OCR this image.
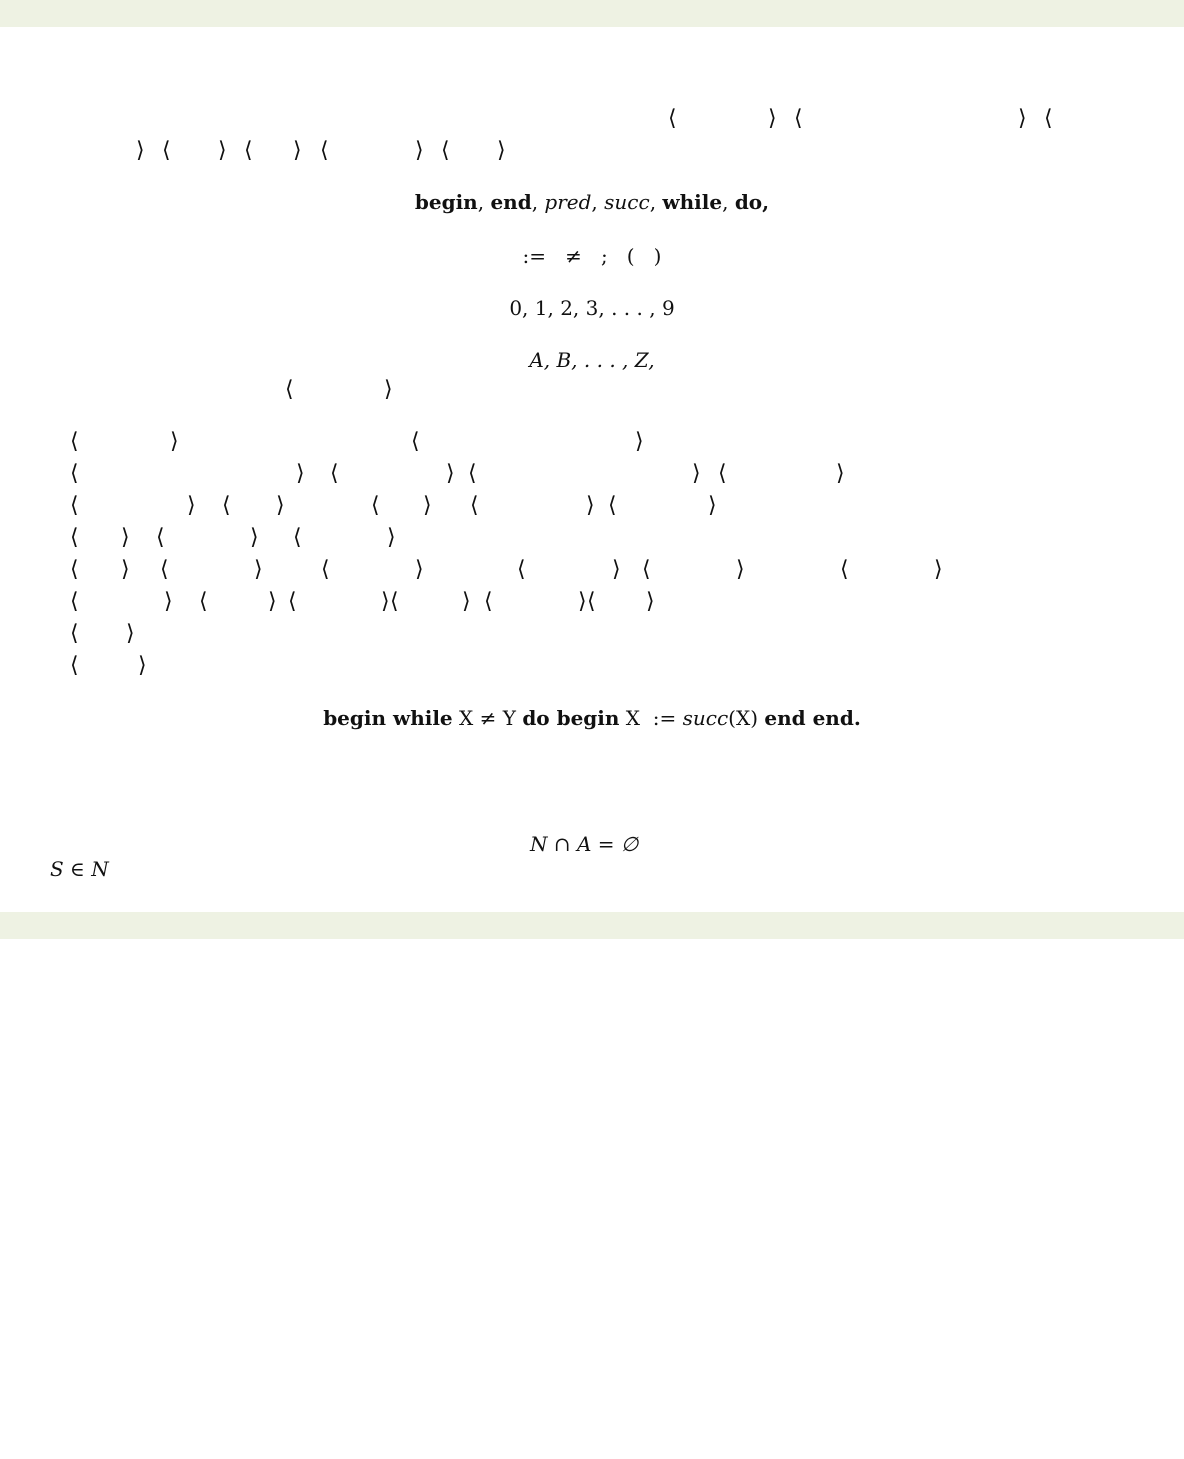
⟨	⟩ ⟨	⟩ ⟨
⟩ ⟨ ⟩ ⟨ ⟩ ⟨	⟩ ⟨ ⟩
⟨	⟩
⟨	⟩	⟨	⟩
⟨	⟩ ⟨	⟩ ⟨	⟩ ⟨	⟩
⟨	⟩ ⟨ ⟩	⟨ ⟩ ⟨	⟩ ⟨	⟩
⟨ ⟩ ⟨	⟩ ⟨	⟩
⟨ ⟩ ⟨	⟩	⟨	⟩	⟨	⟩ ⟨	⟩	⟨	⟩
⟨	⟩ ⟨	⟩ ⟨	⟩ ⟨	⟩ ⟨	⟩ ⟨ ⟩
⟨ ⟩
⟨	⟩
begin, end, pred, succ, while, do,
:=   ≠   ;   (   )
0, 1, 2, 3, . . . , 9
A, B, . . . , Z,
begin while X ≠ Y do begin X  := succ(X) end end.
N ∩ A = ∅
S ∈ N
